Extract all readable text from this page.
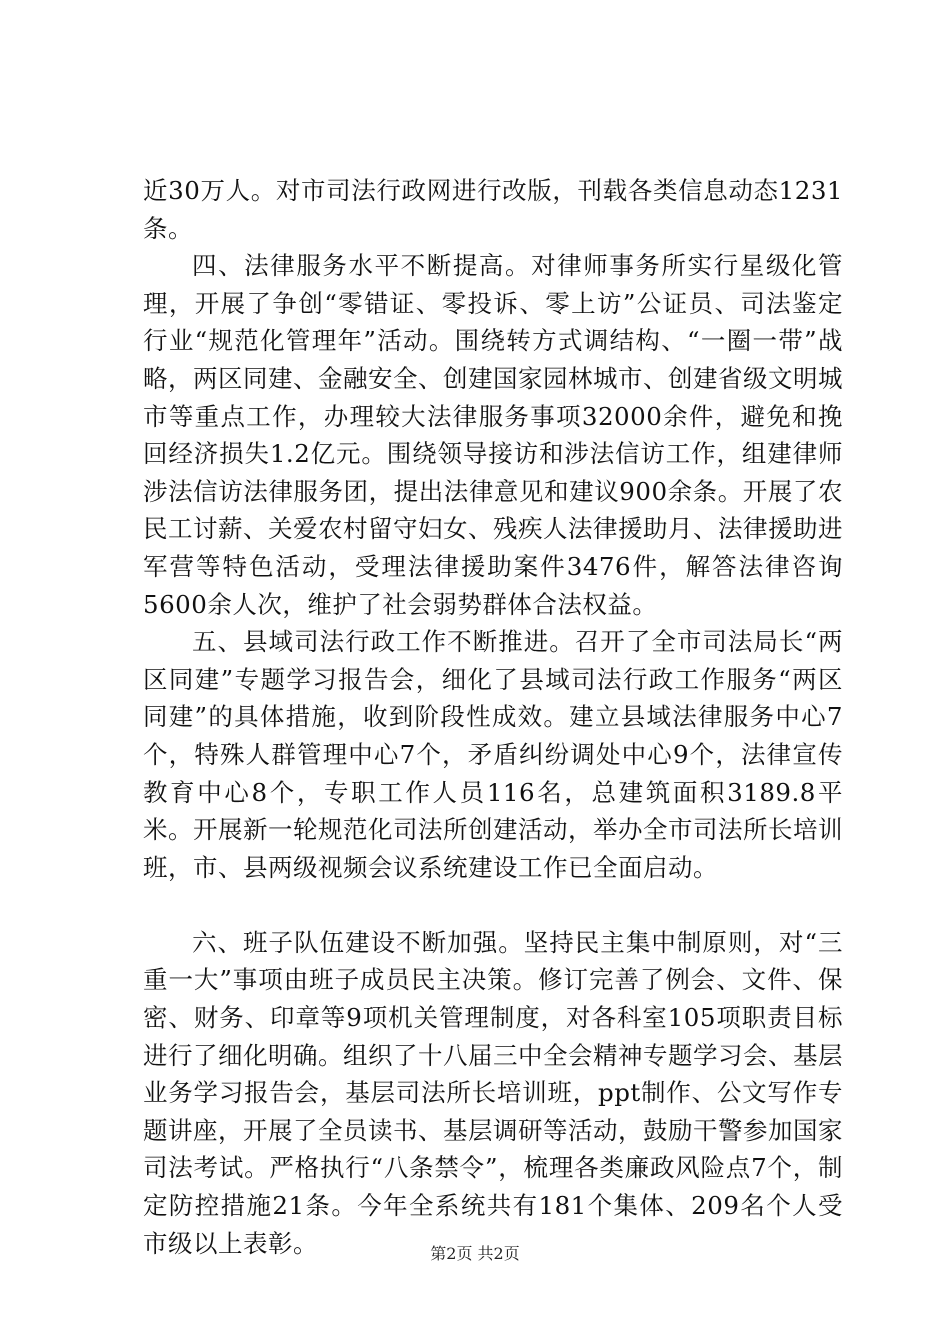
近30万人。对市司法行政网进行改版，刊载各类信息动态1231条。

四、法律服务水平不断提高。对律师事务所实行星级化管理，开展了争创“零错证、零投诉、零上访”公证员、司法鉴定行业“规范化管理年”活动。围绕转方式调结构、“一圈一带”战略，两区同建、金融安全、创建国家园林城市、创建省级文明城市等重点工作，办理较大法律服务事项32000余件，避免和挽回经济损失1.2亿元。围绕领导接访和涉法信访工作，组建律师涉法信访法律服务团，提出法律意见和建议900余条。开展了农民工讨薪、关爱农村留守妇女、残疾人法律援助月、法律援助进军营等特色活动，受理法律援助案件3476件，解答法律咨询5600余人次，维护了社会弱势群体合法权益。

五、县域司法行政工作不断推进。召开了全市司法局长“两区同建”专题学习报告会，细化了县域司法行政工作服务“两区同建”的具体措施，收到阶段性成效。建立县域法律服务中心7个，特殊人群管理中心7个，矛盾纠纷调处中心9个，法律宣传教育中心8个，专职工作人员116名，总建筑面积3189.8平米。开展新一轮规范化司法所创建活动，举办全市司法所长培训班，市、县两级视频会议系统建设工作已全面启动。

六、班子队伍建设不断加强。坚持民主集中制原则，对“三重一大”事项由班子成员民主决策。修订完善了例会、文件、保密、财务、印章等9项机关管理制度，对各科室105项职责目标进行了细化明确。组织了十八届三中全会精神专题学习会、基层业务学习报告会，基层司法所长培训班，ppt制作、公文写作专题讲座，开展了全员读书、基层调研等活动，鼓励干警参加国家司法考试。严格执行“八条禁令”，梳理各类廉政风险点7个，制定防控措施21条。今年全系统共有181个集体、209名个人受市级以上表彰。	第2页 共2页
